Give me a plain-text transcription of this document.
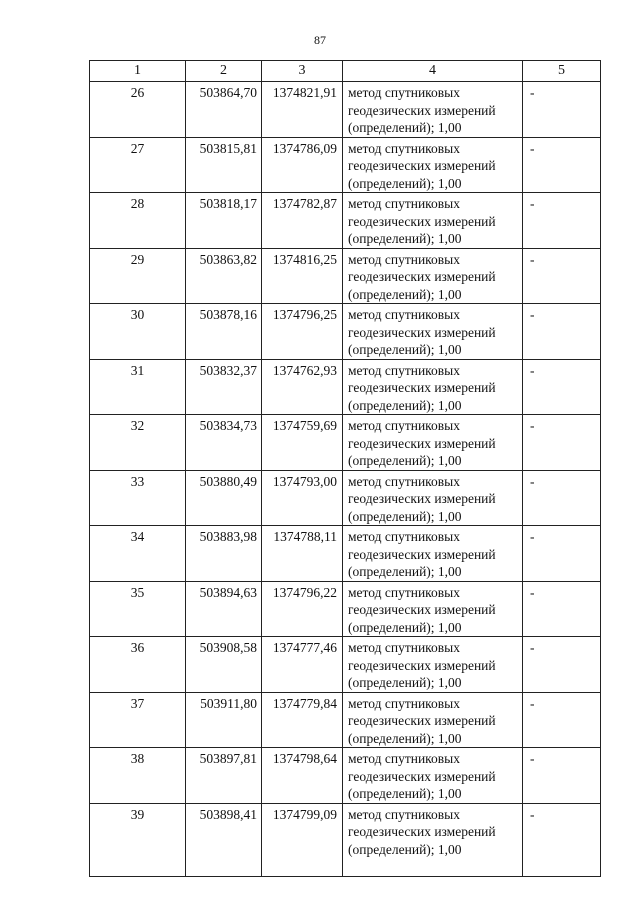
87
1	2	3	4	5
26	503864,70	1374821,91	метод спутниковых геодезических измерений (определений); 1,00	-
27	503815,81	1374786,09	метод спутниковых геодезических измерений (определений); 1,00	-
28	503818,17	1374782,87	метод спутниковых геодезических измерений (определений); 1,00	-
29	503863,82	1374816,25	метод спутниковых геодезических измерений (определений); 1,00	-
30	503878,16	1374796,25	метод спутниковых геодезических измерений (определений); 1,00	-
31	503832,37	1374762,93	метод спутниковых геодезических измерений (определений); 1,00	-
32	503834,73	1374759,69	метод спутниковых геодезических измерений (определений); 1,00	-
33	503880,49	1374793,00	метод спутниковых геодезических измерений (определений); 1,00	-
34	503883,98	1374788,11	метод спутниковых геодезических измерений (определений); 1,00	-
35	503894,63	1374796,22	метод спутниковых геодезических измерений (определений); 1,00	-
36	503908,58	1374777,46	метод спутниковых геодезических измерений (определений); 1,00	-
37	503911,80	1374779,84	метод спутниковых геодезических измерений (определений); 1,00	-
38	503897,81	1374798,64	метод спутниковых геодезических измерений (определений); 1,00	-
39	503898,41	1374799,09	метод спутниковых геодезических измерений (определений); 1,00	-
